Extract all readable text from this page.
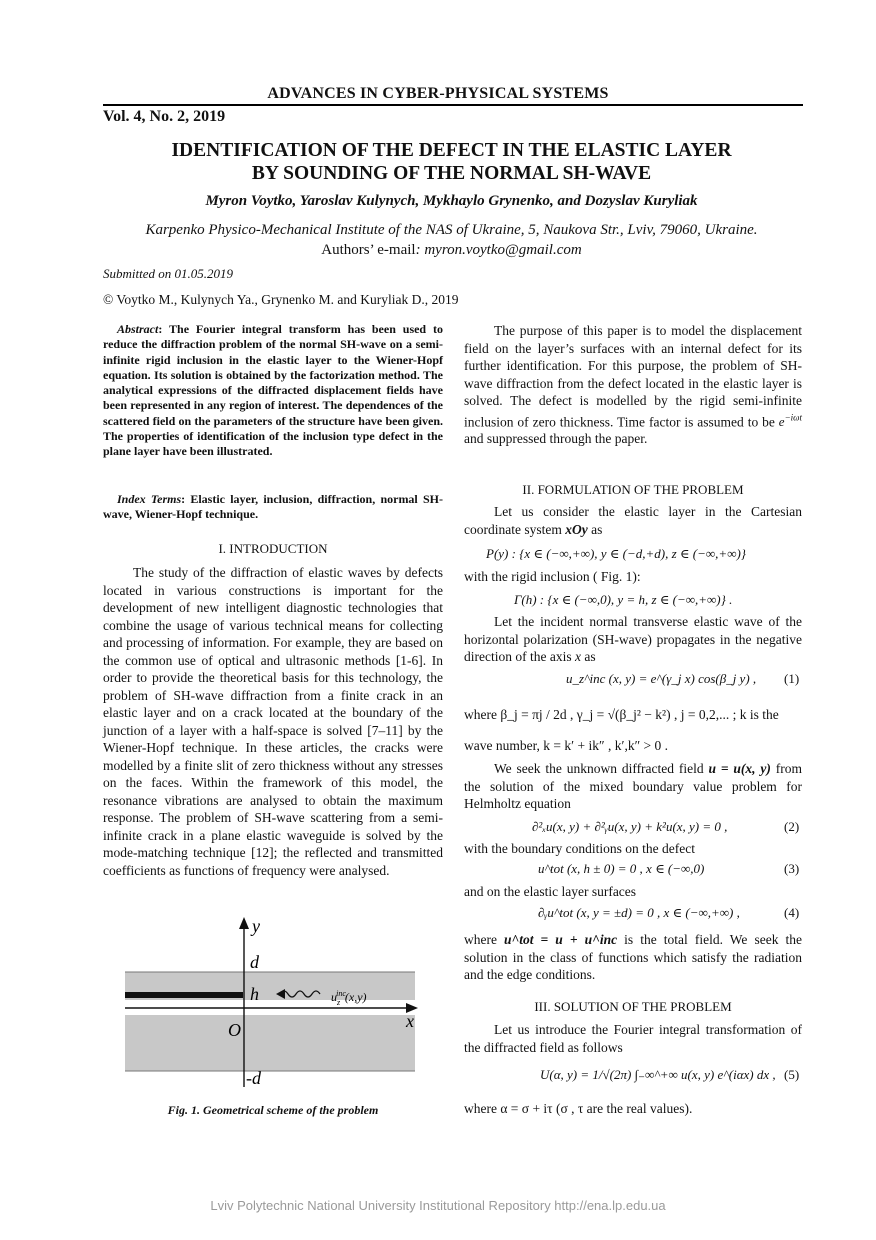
ADVANCES IN CYBER-PHYSICAL SYSTEMS
Vol. 4, No. 2, 2019
IDENTIFICATION OF THE DEFECT IN THE ELASTIC LAYER
BY SOUNDING OF THE NORMAL SH-WAVE
Myron Voytko, Yaroslav Kulynych, Mykhaylo Grynenko, and Dozyslav Kuryliak
Karpenko Physico-Mechanical Institute of the NAS of Ukraine, 5, Naukova Str., Lviv, 79060, Ukraine.
Authors’ e-mail: myron.voytko@gmail.com
Submitted on 01.05.2019
© Voytko M., Kulynych Ya., Grynenko M. and Kuryliak D., 2019
Abstract: The Fourier integral transform has been used to reduce the diffraction problem of the normal SH-wave on a semi-infinite rigid inclusion in the elastic layer to the Wiener-Hopf equation. Its solution is obtained by the factorization method. The analytical expressions of the diffracted displacement fields have been represented in any region of interest. The dependences of the scattered field on the parameters of the structure have been given. The properties of identification of the inclusion type defect in the plane layer have been illustrated.
Index Terms: Elastic layer, inclusion, diffraction, normal SH-wave, Wiener-Hopf technique.
I. INTRODUCTION

The study of the diffraction of elastic waves by defects located in various constructions is important for the development of new intelligent diagnostic technologies that combine the usage of various technical means for collecting and processing of information. For example, they are based on the common use of optical and ultrasonic methods [1-6]. In order to provide the theoretical basis for this technology, the problem of SH-wave diffraction from a finite crack in an elastic layer and on a crack located at the boundary of the junction of a layer with a half-space is solved [7–11] by the Wiener-Hopf technique. In these articles, the cracks were modelled by a finite slit of zero thickness without any stresses on the faces. Within the framework of this model, the resonance vibrations are analysed to obtain the maximum response. The problem of SH-wave scattering from a semi-infinite crack in a plane elastic waveguide is solved by the mode-matching technique [12]; the reflected and transmitted coefficients as functions of frequency were analysed.

y
x
d
h
O
-d
$u_zinc(x,y)$
Fig. 1. Geometrical scheme of the problem

The purpose of this paper is to model the displacement field on the layer’s surfaces with an internal defect for its further identification. For this purpose, the problem of SH-wave diffraction from the defect located in the elastic layer is solved. The defect is modelled by the rigid semi-infinite inclusion of zero thickness. Time factor is assumed to be $e^{-i\omega t}$ and suppressed through the paper.

II. FORMULATION OF THE PROBLEM

Let us consider the elastic layer in the Cartesian coordinate system xOy as

P(y) : {x ∈ (−∞,+∞), y ∈ (−d,+d), z ∈ (−∞,+∞)}
with the rigid inclusion ( Fig. 1):
Γ(h) : {x ∈ (−∞,0), y = h, z ∈ (−∞,+∞)} .

Let the incident normal transverse elastic wave of the horizontal polarization (SH-wave) propagates in the negative direction of the axis x as

u_z^inc (x, y) = e^(γ_j x) cos(β_j y) , (1)
where β_j = πj / 2d , γ_j = √(β_j² − k²) , j = 0,2,... ; k is the
wave number, k = k′ + ik″ , k′,k″ > 0 .

We seek the unknown diffracted field u = u(x, y) from the solution of the mixed boundary value problem for Helmholtz equation

∂²ₓu(x, y) + ∂²ᵧu(x, y) + k²u(x, y) = 0 ,	(2)
with the boundary conditions on the defect
u^tot (x, h ± 0) = 0 , x ∈ (−∞,0)	(3)
and on the elastic layer surfaces
∂ᵧu^tot (x, y = ±d) = 0 , x ∈ (−∞,+∞) ,	(4)

where u^tot = u + u^inc is the total field. We seek the solution in the class of functions which satisfy the radiation and the edge conditions.

III. SOLUTION OF THE PROBLEM

Let us introduce the Fourier integral transformation of the diffracted field as follows

U(α, y) = 1/√(2π) ∫₋∞^+∞ u(x, y) e^(iαx) dx , (5)
where α = σ + iτ (σ , τ are the real values).
Lviv Polytechnic National University Institutional Repository http://ena.lp.edu.ua
